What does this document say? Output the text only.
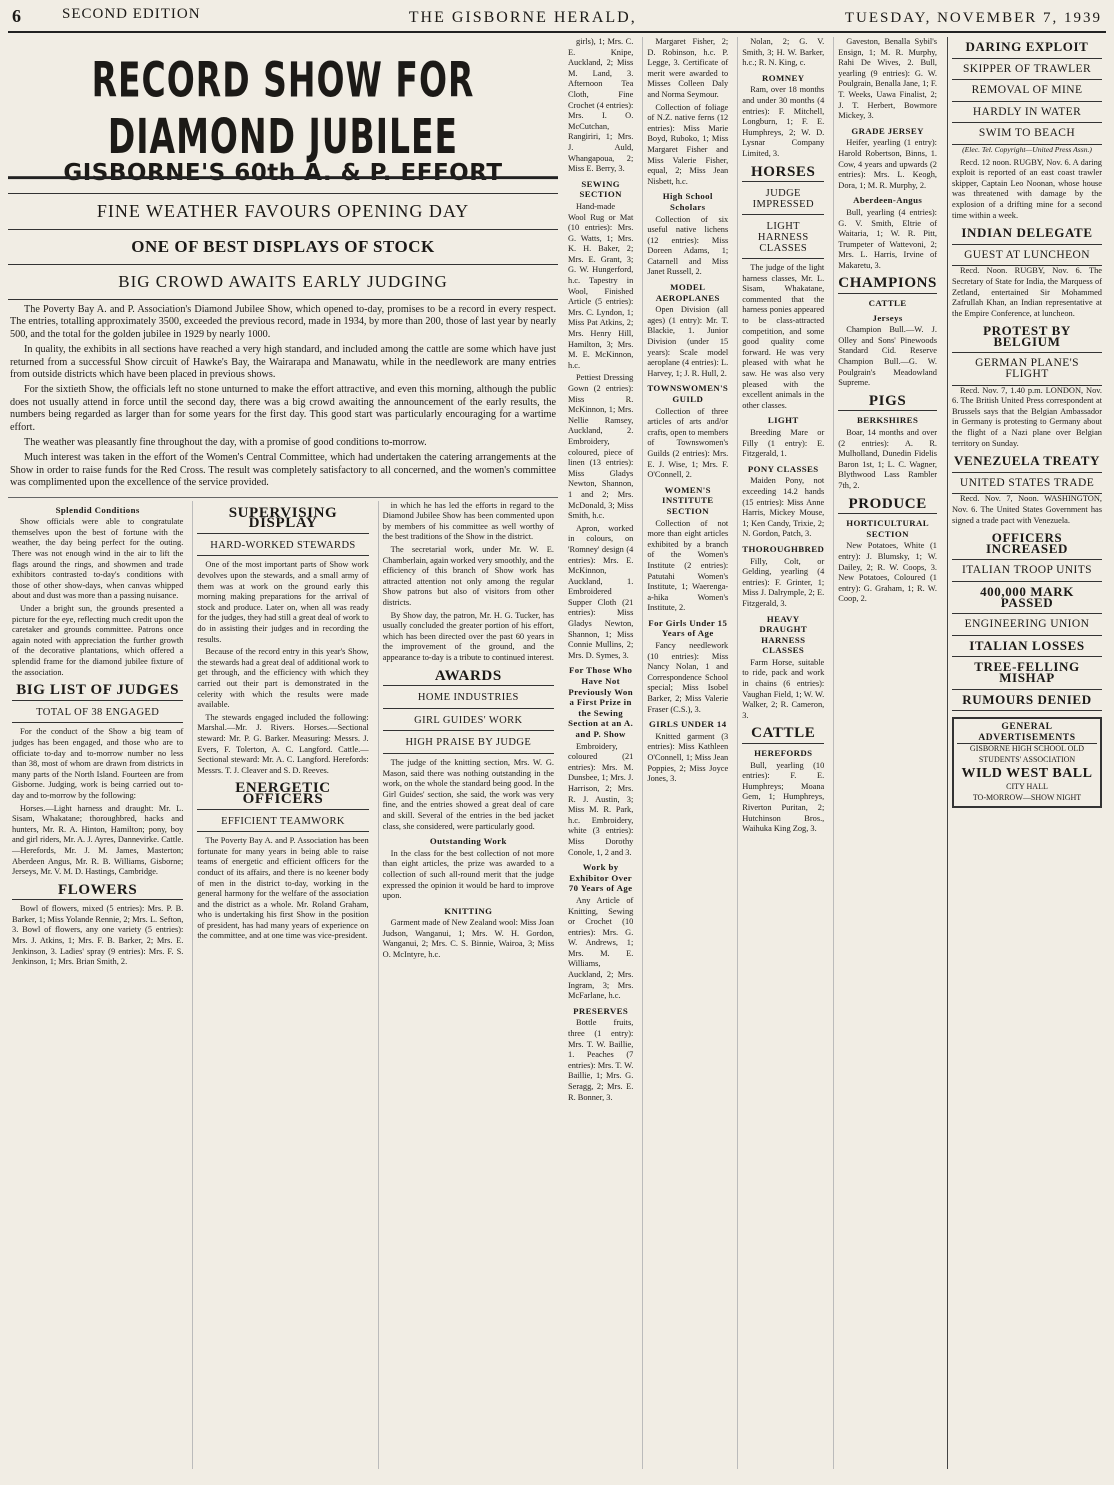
6	SECOND EDITION	THE GISBORNE HERALD,	TUESDAY, NOVEMBER 7, 1939
RECORD SHOW FOR DIAMOND JUBILEE
GISBORNE'S 60th A. & P. EFFORT
FINE WEATHER FAVOURS OPENING DAY
ONE OF BEST DISPLAYS OF STOCK
BIG CROWD AWAITS EARLY JUDGING

The Poverty Bay A. and P. Association's Diamond Jubilee Show, which opened to-day, promises to be a record in every respect. The entries, totalling approximately 3500, exceeded the previous record, made in 1934, by more than 200, those of last year by nearly 500, and the total for the golden jubilee in 1929 by nearly 1000.

In quality, the exhibits in all sections have reached a very high standard, and included among the cattle are some which have just returned from a successful Show circuit of Hawke's Bay, the Wairarapa and Manawatu, while in the needlework are many entries from outside districts which have been placed in previous shows.

For the sixtieth Show, the officials left no stone unturned to make the effort attractive, and even this morning, although the public does not usually attend in force until the second day, there was a big crowd awaiting the announcement of the early results, the numbers being regarded as larger than for some years for the first day. This good start was particularly encouraging for a wartime effort.

The weather was pleasantly fine throughout the day, with a promise of good conditions to-morrow.

Much interest was taken in the effort of the Women's Central Committee, which had undertaken the catering arrangements at the Show in order to raise funds for the Red Cross. The result was completely satisfactory to all concerned, and the women's committee was complimented upon the excellence of the service provided.

Splendid Conditions

Show officials were able to congratulate themselves upon the best of fortune with the weather, the day being perfect for the outing. There was not enough wind in the air to lift the flags around the rings, and showmen and trade exhibitors contrasted to-day's conditions with those of other show-days, when canvas whipped about and dust was more than a passing nuisance.

Under a bright sun, the grounds presented a picture for the eye, reflecting much credit upon the caretaker and grounds committee. Patrons once again noted with appreciation the further growth of the decorative plantations, which offered a splendid frame for the diamond jubilee fixture of the association.

BIG LIST OF JUDGES
TOTAL OF 38 ENGAGED

For the conduct of the Show a big team of judges has been engaged, and those who are to officiate to-day and to-morrow number no less than 38, most of whom are drawn from districts in many parts of the North Island. Fourteen are from Gisborne. Judging, work is being carried out to-day and to-morrow by the following:

Horses.—Light harness and draught: Mr. L. Sisam, Whakatane; thoroughbred, hacks and hunters, Mr. R. A. Hinton, Hamilton; pony, boy and girl riders, Mr. A. J. Ayres, Dannevirke. Cattle.—Herefords, Mr. J. M. James, Masterton; Aberdeen Angus, Mr. R. B. Williams, Gisborne; Jerseys, Mr. V. M. D. Hastings, Cambridge.

FLOWERS

Bowl of flowers, mixed (5 entries): Mrs. P. B. Barker, 1; Miss Yolande Rennie, 2; Mrs. L. Sefton, 3. Bowl of flowers, any one variety (5 entries): Mrs. J. Atkins, 1; Mrs. F. B. Barker, 2; Mrs. E. Jenkinson, 3. Ladies' spray (9 entries): Mrs. F. S. Jenkinson, 1; Mrs. Brian Smith, 2.

SUPERVISING DISPLAY
HARD-WORKED STEWARDS

One of the most important parts of Show work devolves upon the stewards, and a small army of them was at work on the ground early this morning making preparations for the arrival of stock and produce. Later on, when all was ready for the judges, they had still a great deal of work to do in assisting their judges and in recording the results.

Because of the record entry in this year's Show, the stewards had a great deal of additional work to get through, and the efficiency with which they carried out their part is demonstrated in the celerity with which the results were made available.

The stewards engaged included the following: Marshal.—Mr. J. Rivers. Horses.—Sectional steward: Mr. P. G. Barker. Measuring: Messrs. J. Evers, F. Tolerton, A. C. Langford. Cattle.—Sectional steward: Mr. A. C. Langford. Herefords: Messrs. T. J. Cleaver and S. D. Reeves.

ENERGETIC OFFICERS
EFFICIENT TEAMWORK

The Poverty Bay A. and P. Association has been fortunate for many years in being able to raise teams of energetic and efficient officers for the conduct of its affairs, and there is no keener body of men in the district to-day, working in the general harmony for the welfare of the association and the district as a whole. Mr. Roland Graham, who is undertaking his first Show in the position of president, has had many years of experience on the committee, and at one time was vice-president.

in which he has led the efforts in regard to the Diamond Jubilee Show has been commented upon by members of his committee as well worthy of the best traditions of the Show in the district.

The secretarial work, under Mr. W. E. Chamberlain, again worked very smoothly, and the efficiency of this branch of Show work has attracted attention not only among the regular Show patrons but also of visitors from other districts.

By Show day, the patron, Mr. H. G. Tucker, has usually concluded the greater portion of his effort, which has been directed over the past 60 years in the improvement of the ground, and the appearance to-day is a tribute to continued interest.

AWARDS
HOME INDUSTRIES
GIRL GUIDES' WORK
HIGH PRAISE BY JUDGE

The judge of the knitting section, Mrs. W. G. Mason, said there was nothing outstanding in the work, on the whole the standard being good. In the Girl Guides' section, she said, the work was very fine, and the entries showed a great deal of care and skill. Several of the entries in the bed jacket class, she considered, were particularly good.

Outstanding Work

In the class for the best collection of not more than eight articles, the prize was awarded to a collection of such all-round merit that the judge expressed the opinion it would be hard to improve upon.

KNITTING

Garment made of New Zealand wool: Miss Joan Judson, Wanganui, 1; Mrs. W. H. Gordon, Wanganui, 2; Mrs. C. S. Binnie, Wairoa, 3; Miss O. McIntyre, h.c.

girls), 1; Mrs. C. E. Knipe, Auckland, 2; Miss M. Land, 3. Afternoon Tea Cloth, Fine Crochet (4 entries): Mrs. I. O. McCutchan, Rangiriri, 1; Mrs. J. Auld, Whangapoua, 2; Miss E. Berry, 3.

SEWING SECTION

Hand-made Wool Rug or Mat (10 entries): Mrs. G. Watts, 1; Mrs. K. H. Baker, 2; Mrs. E. Grant, 3; G. W. Hungerford, h.c. Tapestry in Wool, Finished Article (5 entries): Mrs. C. Lyndon, 1; Miss Pat Atkins, 2; Mrs. Henry Hill, Hamilton, 3; Mrs. M. E. McKinnon, h.c.

Pettiest Dressing Gown (2 entries): Miss R. McKinnon, 1; Mrs. Nellie Ramsey, Auckland, 2. Embroidery, coloured, piece of linen (13 entries): Miss Gladys Newton, Shannon, 1 and 2; Mrs. McDonald, 3; Miss Smith, h.c.

Apron, worked in colours, on 'Romney' design (4 entries): Mrs. E. McKinnon, Auckland, 1. Embroidered Supper Cloth (21 entries): Miss Gladys Newton, Shannon, 1; Miss Connie Mullins, 2; Mrs. D. Symes, 3.

For Those Who Have Not Previously Won a First Prize in the Sewing Section at an A. and P. Show

Embroidery, coloured (21 entries): Mrs. M. Dunsbee, 1; Mrs. J. Harrison, 2; Mrs. R. J. Austin, 3; Miss M. R. Park, h.c. Embroidery, white (3 entries): Miss Dorothy Conole, 1, 2 and 3.

Work by Exhibitor Over 70 Years of Age

Any Article of Knitting, Sewing or Crochet (10 entries): Mrs. G. W. Andrews, 1; Mrs. M. E. Williams, Auckland, 2; Mrs. Ingram, 3; Mrs. McFarlane, h.c.

PRESERVES

Bottle fruits, three (1 entry): Mrs. T. W. Baillie, 1. Peaches (7 entries): Mrs. T. W. Baillie, 1; Mrs. G. Seragg, 2; Mrs. E. R. Bonner, 3.

Margaret Fisher, 2; D. Robinson, h.c. P. Legge, 3. Certificate of merit were awarded to Misses Colleen Daly and Norma Seymour.

Collection of foliage of N.Z. native ferns (12 entries): Miss Marie Boyd, Ruboko, 1; Miss Margaret Fisher and Miss Valerie Fisher, equal, 2; Miss Jean Nisbett, h.c.

High School Scholars

Collection of six useful native lichens (12 entries): Miss Doreen Adams, 1; Catarnell and Miss Janet Russell, 2.

MODEL AEROPLANES

Open Division (all ages) (1 entry): Mr. T. Blackie, 1. Junior Division (under 15 years): Scale model aeroplane (4 entries): L. Harvey, 1; J. R. Hull, 2.

TOWNSWOMEN'S GUILD

Collection of three articles of arts and/or crafts, open to members of Townswomen's Guilds (2 entries): Mrs. E. J. Wise, 1; Mrs. F. O'Connell, 2.

WOMEN'S INSTITUTE SECTION

Collection of not more than eight articles exhibited by a branch of the Women's Institute (2 entries): Patutahi Women's Institute, 1; Waerenga-a-hika Women's Institute, 2.

For Girls Under 15 Years of Age

Fancy needlework (10 entries): Miss Nancy Nolan, 1 and Correspondence School special; Miss Isobel Barker, 2; Miss Valerie Fraser (C.S.), 3.

GIRLS UNDER 14

Knitted garment (3 entries): Miss Kathleen O'Connell, 1; Miss Jean Poppies, 2; Miss Joyce Jones, 3.

Nolan, 2; G. V. Smith, 3; H. W. Barker, h.c.; R. N. King, c.

ROMNEY

Ram, over 18 months and under 30 months (4 entries): F. Mitchell, Longburn, 1; F. E. Humphreys, 2; W. D. Lysnar Company Limited, 3.

HORSES
JUDGE IMPRESSED
LIGHT HARNESS CLASSES

The judge of the light harness classes, Mr. L. Sisam, Whakatane, commented that the harness ponies appeared to be class-attracted competition, and some good quality come forward. He was very pleased with what he saw. He was also very pleased with the excellent animals in the other classes.

LIGHT

Breeding Mare or Filly (1 entry): E. Fitzgerald, 1.

PONY CLASSES

Maiden Pony, not exceeding 14.2 hands (15 entries): Miss Anne Harris, Mickey Mouse, 1; Ken Candy, Trixie, 2; N. Gordon, Patch, 3.

THOROUGHBRED

Filly, Colt, or Gelding, yearling (4 entries): F. Grinter, 1; Miss J. Dalrymple, 2; E. Fitzgerald, 3.

HEAVY DRAUGHT HARNESS CLASSES

Farm Horse, suitable to ride, pack and work in chains (6 entries): Vaughan Field, 1; W. W. Walker, 2; R. Cameron, 3.

CATTLE
HEREFORDS

Bull, yearling (10 entries): F. E. Humphreys; Moana Gem, 1; Humphreys, Riverton Puritan, 2; Hutchinson Bros., Waihuka King Zog, 3.

Gaveston, Benalla Sybil's Ensign, 1; M. R. Murphy, Rahi De Wives, 2. Bull, yearling (9 entries): G. W. Poulgrain, Benalla Jane, 1; F. T. Weeks, Uawa Finalist, 2; J. T. Herbert, Bowmore Mickey, 3.

GRADE JERSEY

Heifer, yearling (1 entry): Harold Robertson, Binns, 1. Cow, 4 years and upwards (2 entries): Mrs. L. Keogh, Dora, 1; M. R. Murphy, 2.

Aberdeen-Angus

Bull, yearling (4 entries): G. V. Smith, Eltrie of Waitaria, 1; W. R. Pitt, Trumpeter of Wattevoni, 2; Mrs. L. Harris, Irvine of Makaretu, 3.

CHAMPIONS
CATTLE
Jerseys

Champion Bull.—W. J. Olley and Sons' Pinewoods Standard Cid. Reserve Champion Bull.—G. W. Poulgrain's Meadowland Supreme.

PIGS
BERKSHIRES

Boar, 14 months and over (2 entries): A. R. Mulholland, Dunedin Fidelis Baron 1st, 1; L. C. Wagner, Blythwood Lass Rambler 7th, 2.

PRODUCE
HORTICULTURAL SECTION

New Potatoes, White (1 entry): J. Blumsky, 1; W. Dailey, 2; R. W. Coops, 3. New Potatoes, Coloured (1 entry): G. Graham, 1; R. W. Coop, 2.

DARING EXPLOIT
SKIPPER OF TRAWLER
REMOVAL OF MINE
HARDLY IN WATER
SWIM TO BEACH

(Elec. Tel. Copyright—United Press Assn.)

Recd. 12 noon. RUGBY, Nov. 6. A daring exploit is reported of an east coast trawler skipper, Captain Leo Noonan, whose house was threatened with damage by the explosion of a drifting mine for a second time within a week.

INDIAN DELEGATE
GUEST AT LUNCHEON

Recd. Noon. RUGBY, Nov. 6. The Secretary of State for India, the Marquess of Zetland, entertained Sir Mohammed Zafrullah Khan, an Indian representative at the Empire Conference, at luncheon.

PROTEST BY BELGIUM
GERMAN PLANE'S FLIGHT

Recd. Nov. 7, 1.40 p.m. LONDON, Nov. 6. The British United Press correspondent at Brussels says that the Belgian Ambassador in Germany is protesting to Germany about the flight of a Nazi plane over Belgian territory on Sunday.

VENEZUELA TREATY
UNITED STATES TRADE

Recd. Nov. 7, Noon. WASHINGTON, Nov. 6. The United States Government has signed a trade pact with Venezuela.

OFFICERS INCREASED
ITALIAN TROOP UNITS
400,000 MARK PASSED
ENGINEERING UNION
ITALIAN LOSSES
TREE-FELLING MISHAP
RUMOURS DENIED
GENERAL ADVERTISEMENTS
GISBORNE HIGH SCHOOL OLD STUDENTS' ASSOCIATION
WILD WEST BALL
CITY HALL
TO-MORROW—SHOW NIGHT
